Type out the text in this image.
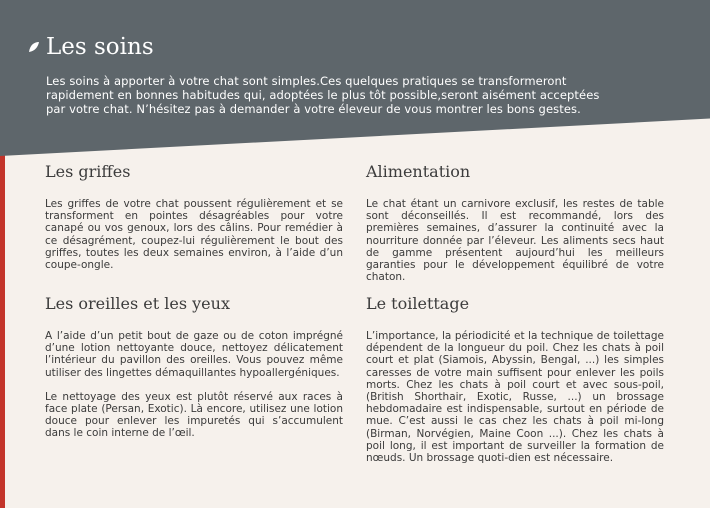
Les soins
Les soins à apporter à votre chat sont simples.Ces quelques pratiques se transformeront rapidement en bonnes habitudes qui, adoptées le plus tôt possible,seront aisément acceptées par votre chat. N’hésitez pas à demander à votre éleveur de vous montrer les bons gestes.
Les griffes

Les griffes de votre chat poussent régulièrement et se transforment en pointes désagréables pour votre canapé ou vos genoux, lors des câlins. Pour remédier à ce désagrément, coupez-lui régulièrement le bout des griffes, toutes les deux semaines environ, à l’aide d’un coupe-ongle.

Alimentation

Le chat étant un carnivore exclusif, les restes de table sont déconseillés. Il est recommandé, lors des premières semaines, d’assurer la continuité avec la nourriture donnée par l’éleveur. Les aliments secs haut de gamme présentent aujourd’hui les meilleurs garanties pour le développement équilibré de votre chaton.

Les oreilles et les yeux

A l’aide d’un petit bout de gaze ou de coton imprégné d’une lotion nettoyante douce, nettoyez délicatement l’intérieur du pavillon des oreilles. Vous pouvez même utiliser des lingettes démaquillantes hypoallergéniques.

Le nettoyage des yeux est plutôt réservé aux races à face plate (Persan, Exotic). Là encore, utilisez une lotion douce pour enlever les impuretés qui s’accumulent dans le coin interne de l’œil.

Le toilettage

L’importance, la périodicité et la technique de toilettage dépendent de la longueur du poil. Chez les chats à poil court et plat (Siamois, Abyssin, Bengal, ...) les simples caresses de votre main suffisent pour enlever les poils morts. Chez les chats à poil court et avec sous-poil, (British Shorthair, Exotic, Russe, ...) un brossage hebdomadaire est indispensable, surtout en période de mue. C’est aussi le cas chez les chats à poil mi-long (Birman, Norvégien, Maine Coon ...). Chez les chats à poil long, il est important de surveiller la formation de nœuds. Un brossage quoti-dien est nécessaire.
